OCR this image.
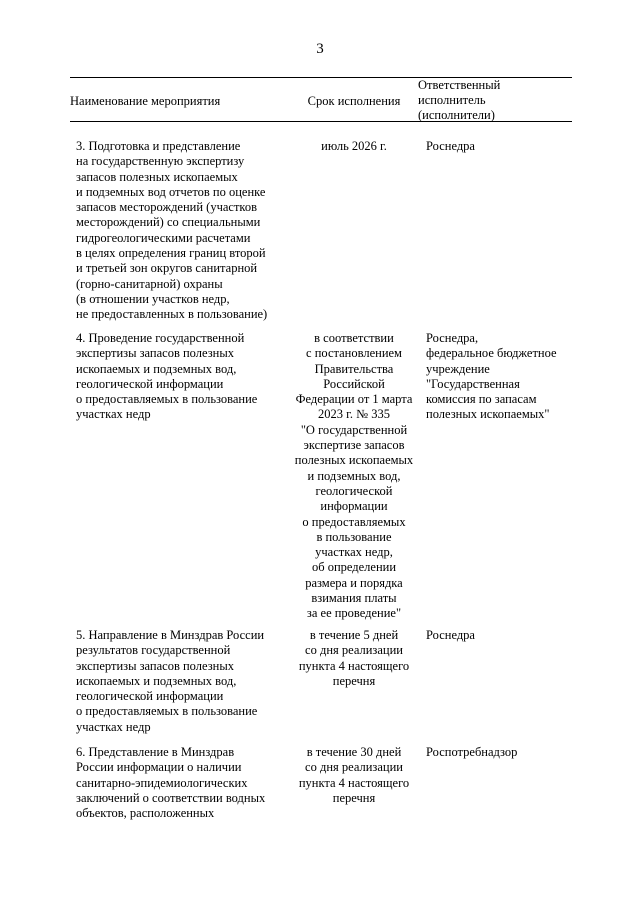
3
Наименование мероприятия	Срок исполнения
Ответственный
исполнитель
(исполнители)
3. Подготовка и представление
на государственную экспертизу
запасов полезных ископаемых
и подземных вод отчетов по оценке
запасов месторождений (участков
месторождений) со специальными
гидрогеологическими расчетами
в целях определения границ второй
и третьей зон округов санитарной
(горно-санитарной) охраны
(в отношении участков недр,
не предоставленных в пользование)
июль 2026 г.	Роснедра
4. Проведение государственной
экспертизы запасов полезных
ископаемых и подземных вод,
геологической информации
о предоставляемых в пользование
участках недр
в соответствии
с постановлением
Правительства
Российской
Федерации от 1 марта
2023 г. № 335
"О государственной
экспертизе запасов
полезных ископаемых
и подземных вод,
геологической
информации
о предоставляемых
в пользование
участках недр,
об определении
размера и порядка
взимания платы
за ее проведение"
Роснедра,
федеральное бюджетное
учреждение
"Государственная
комиссия по запасам
полезных ископаемых"
5. Направление в Минздрав России
результатов государственной
экспертизы запасов полезных
ископаемых и подземных вод,
геологической информации
о предоставляемых в пользование
участках недр
в течение 5 дней
со дня реализации
пункта 4 настоящего
перечня
Роснедра
6. Представление в Минздрав
России информации о наличии
санитарно-эпидемиологических
заключений о соответствии водных
объектов, расположенных
в течение 30 дней
со дня реализации
пункта 4 настоящего
перечня
Роспотребнадзор
